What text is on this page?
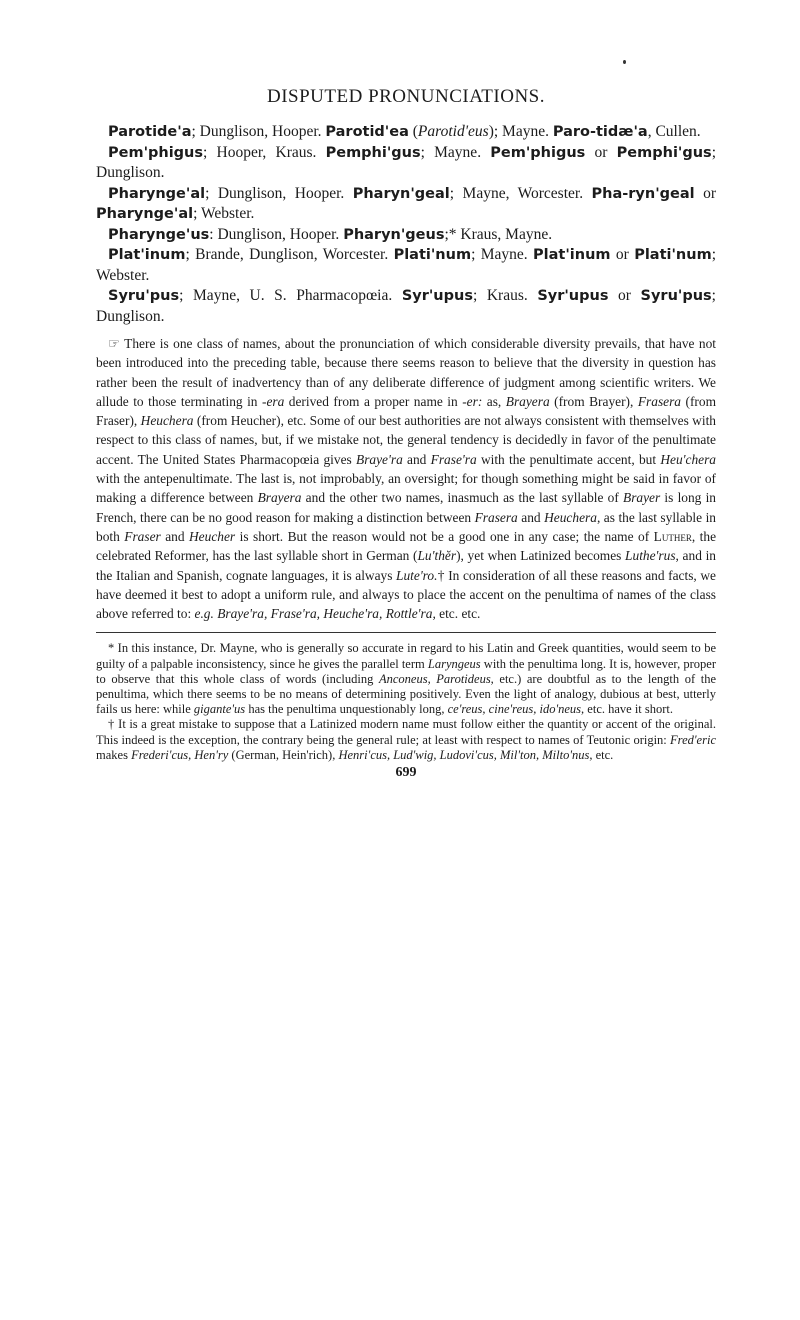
DISPUTED PRONUNCIATIONS.

Parotide'a; Dunglison, Hooper. Parotid'ea (Parotid'eus); Mayne. Paro-tidæ'a, Cullen.

Pem'phigus; Hooper, Kraus. Pemphi'gus; Mayne. Pem'phigus or Pemphi'gus; Dunglison.

Pharynge'al; Dunglison, Hooper. Pharyn'geal; Mayne, Worcester. Pha-ryn'geal or Pharynge'al; Webster.

Pharynge'us: Dunglison, Hooper. Pharyn'geus;* Kraus, Mayne.

Plat'inum; Brande, Dunglison, Worcester. Plati'num; Mayne. Plat'inum or Plati'num; Webster.

Syru'pus; Mayne, U. S. Pharmacopœia. Syr'upus; Kraus. Syr'upus or Syru'pus; Dunglison.

☞ There is one class of names, about the pronunciation of which considerable diversity prevails, that have not been introduced into the preceding table, because there seems reason to believe that the diversity in question has rather been the result of inadvertency than of any deliberate difference of judgment among scientific writers. We allude to those terminating in -era derived from a proper name in -er: as, Brayera (from Brayer), Frasera (from Fraser), Heuchera (from Heucher), etc. Some of our best authorities are not always consistent with themselves with respect to this class of names, but, if we mistake not, the general tendency is decidedly in favor of the penultimate accent. The United States Pharmacopœia gives Braye'ra and Frase'ra with the penultimate accent, but Heu'chera with the antepenultimate. The last is, not improbably, an oversight; for though something might be said in favor of making a difference between Brayera and the other two names, inasmuch as the last syllable of Brayer is long in French, there can be no good reason for making a distinction between Frasera and Heuchera, as the last syllable in both Fraser and Heucher is short. But the reason would not be a good one in any case; the name of Luther, the celebrated Reformer, has the last syllable short in German (Lu'thĕr), yet when Latinized becomes Luthe'rus, and in the Italian and Spanish, cognate languages, it is always Lute'ro.† In consideration of all these reasons and facts, we have deemed it best to adopt a uniform rule, and always to place the accent on the penultima of names of the class above referred to: e.g. Braye'ra, Frase'ra, Heuche'ra, Rottle'ra, etc. etc.

* In this instance, Dr. Mayne, who is generally so accurate in regard to his Latin and Greek quantities, would seem to be guilty of a palpable inconsistency, since he gives the parallel term Laryngeus with the penultima long. It is, however, proper to observe that this whole class of words (including Anconeus, Parotideus, etc.) are doubtful as to the length of the penultima, which there seems to be no means of determining positively. Even the light of analogy, dubious at best, utterly fails us here: while gigante'us has the penultima unquestionably long, ce'reus, cine'reus, ido'neus, etc. have it short.

† It is a great mistake to suppose that a Latinized modern name must follow either the quantity or accent of the original. This indeed is the exception, the contrary being the general rule; at least with respect to names of Teutonic origin: Fred'eric makes Frederi'cus, Hen'ry (German, Hein'rich), Henri'cus, Lud'wig, Ludovi'cus, Mil'ton, Milto'nus, etc.

699
